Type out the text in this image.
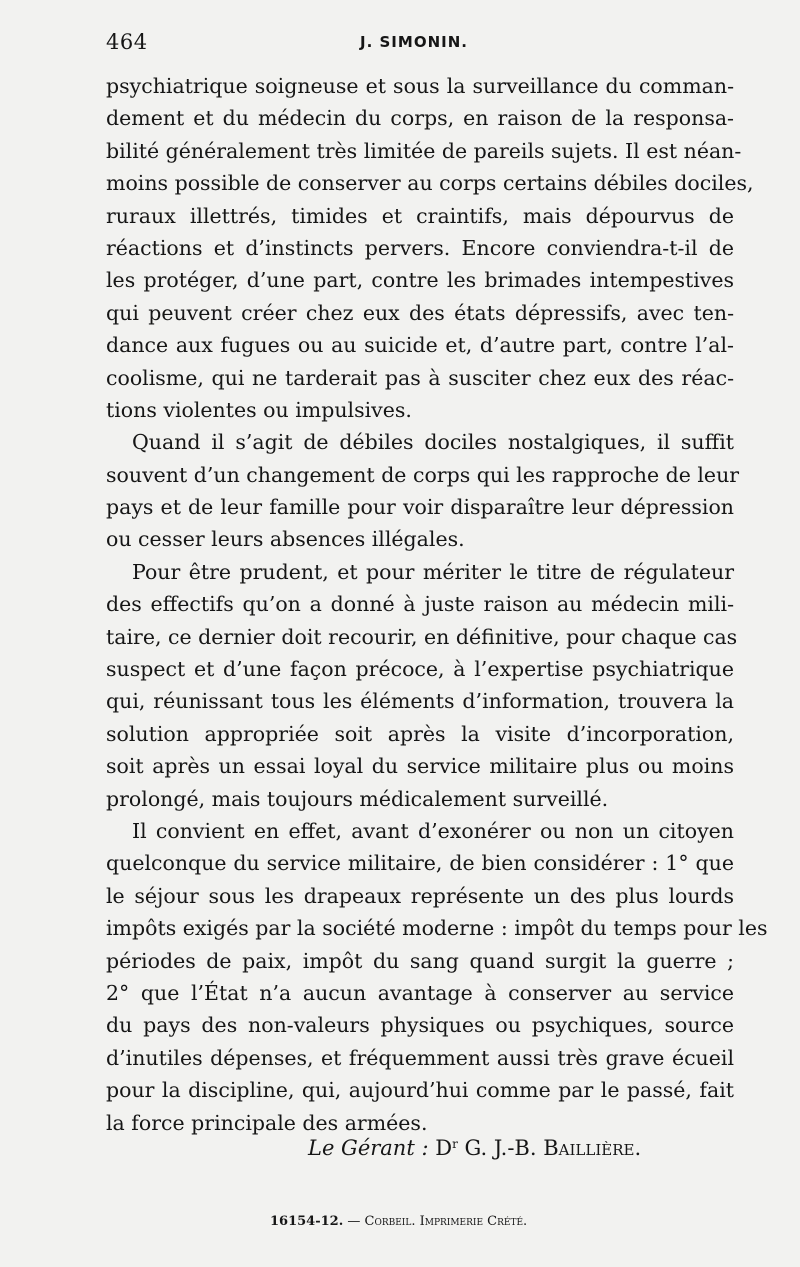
464	J. SIMONIN.
psychiatrique soigneuse et sous la surveillance du comman-
dement et du médecin du corps, en raison de la responsa-
bilité généralement très limitée de pareils sujets. Il est néan-
moins possible de conserver au corps certains débiles dociles,
ruraux illettrés, timides et craintifs, mais dépourvus de
réactions et d’instincts pervers. Encore conviendra-t-il de
les protéger, d’une part, contre les brimades intempestives
qui peuvent créer chez eux des états dépressifs, avec ten-
dance aux fugues ou au suicide et, d’autre part, contre l’al-
coolisme, qui ne tarderait pas à susciter chez eux des réac-
tions violentes ou impulsives.
Quand il s’agit de débiles dociles nostalgiques, il suffit
souvent d’un changement de corps qui les rapproche de leur
pays et de leur famille pour voir disparaître leur dépression
ou cesser leurs absences illégales.
Pour être prudent, et pour mériter le titre de régulateur
des effectifs qu’on a donné à juste raison au médecin mili-
taire, ce dernier doit recourir, en définitive, pour chaque cas
suspect et d’une façon précoce, à l’expertise psychiatrique
qui, réunissant tous les éléments d’information, trouvera la
solution appropriée soit après la visite d’incorporation,
soit après un essai loyal du service militaire plus ou moins
prolongé, mais toujours médicalement surveillé.
Il convient en effet, avant d’exonérer ou non un citoyen
quelconque du service militaire, de bien considérer : 1° que
le séjour sous les drapeaux représente un des plus lourds
impôts exigés par la société moderne : impôt du temps pour les
périodes de paix, impôt du sang quand surgit la guerre ;
2° que l’État n’a aucun avantage à conserver au service
du pays des non-valeurs physiques ou psychiques, source
d’inutiles dépenses, et fréquemment aussi très grave écueil
pour la discipline, qui, aujourd’hui comme par le passé, fait
la force principale des armées.
Le Gérant : $D^r$ G. J.-B. Baillière.
16154-12. — Corbeil. Imprimerie Crété.
